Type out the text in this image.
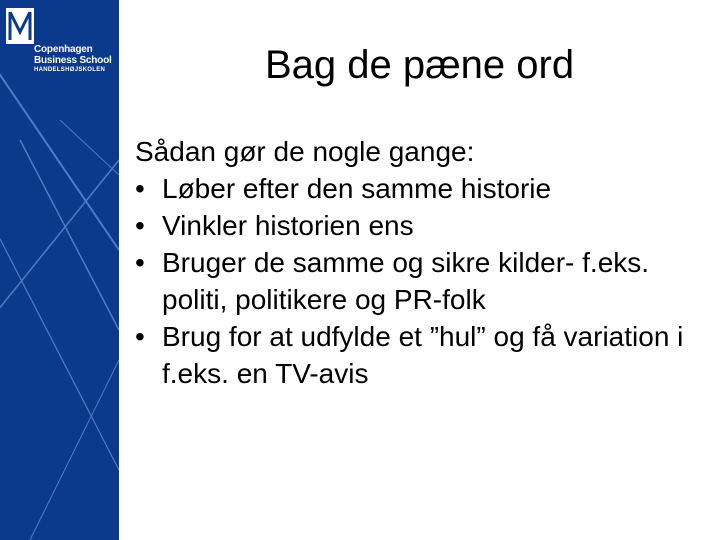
Copenhagen
Business School
HANDELSHØJSKOLEN	Bag de pæne ord
Sådan gør de nogle gange:
• Løber efter den samme historie
• Vinkler historien ens
• Bruger de samme og sikre kilder- f.eks. politi, politikere og PR-folk
• Brug for at udfylde et ”hul” og få variation i f.eks. en TV-avis
